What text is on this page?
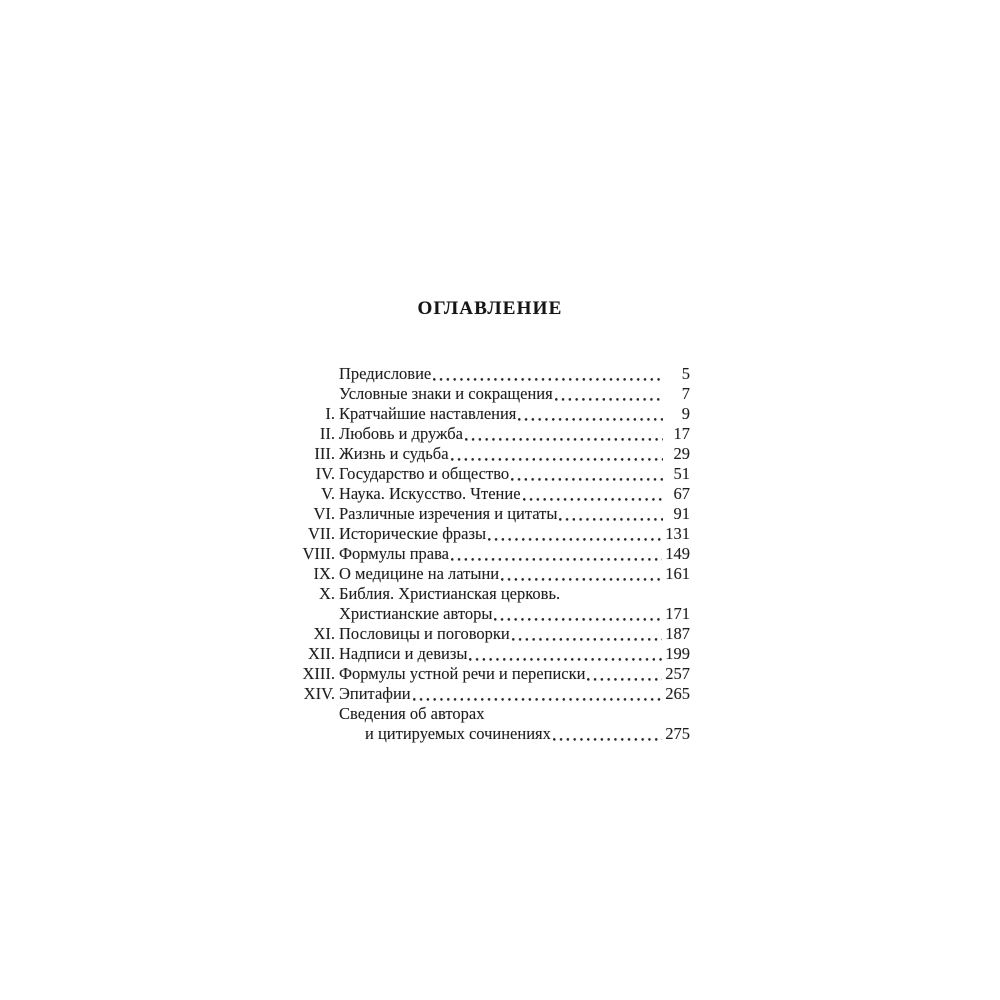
ОГЛАВЛЕНИЕ
Предисловие	5
Условные знаки и сокращения	7
I. Кратчайшие наставления	9
II. Любовь и дружба	17
III. Жизнь и судьба	29
IV. Государство и общество	51
V. Наука. Искусство. Чтение	67
VI. Различные изречения и цитаты	91
VII. Исторические фразы	131
VIII. Формулы права	149
IX. О медицине на латыни	161
X. Библия. Христианская церковь.
Христианские авторы	171
XI. Пословицы и поговорки	187
XII. Надписи и девизы	199
XIII. Формулы устной речи и переписки	257
XIV. Эпитафии	265
Сведения об авторах
и цитируемых сочинениях	275
